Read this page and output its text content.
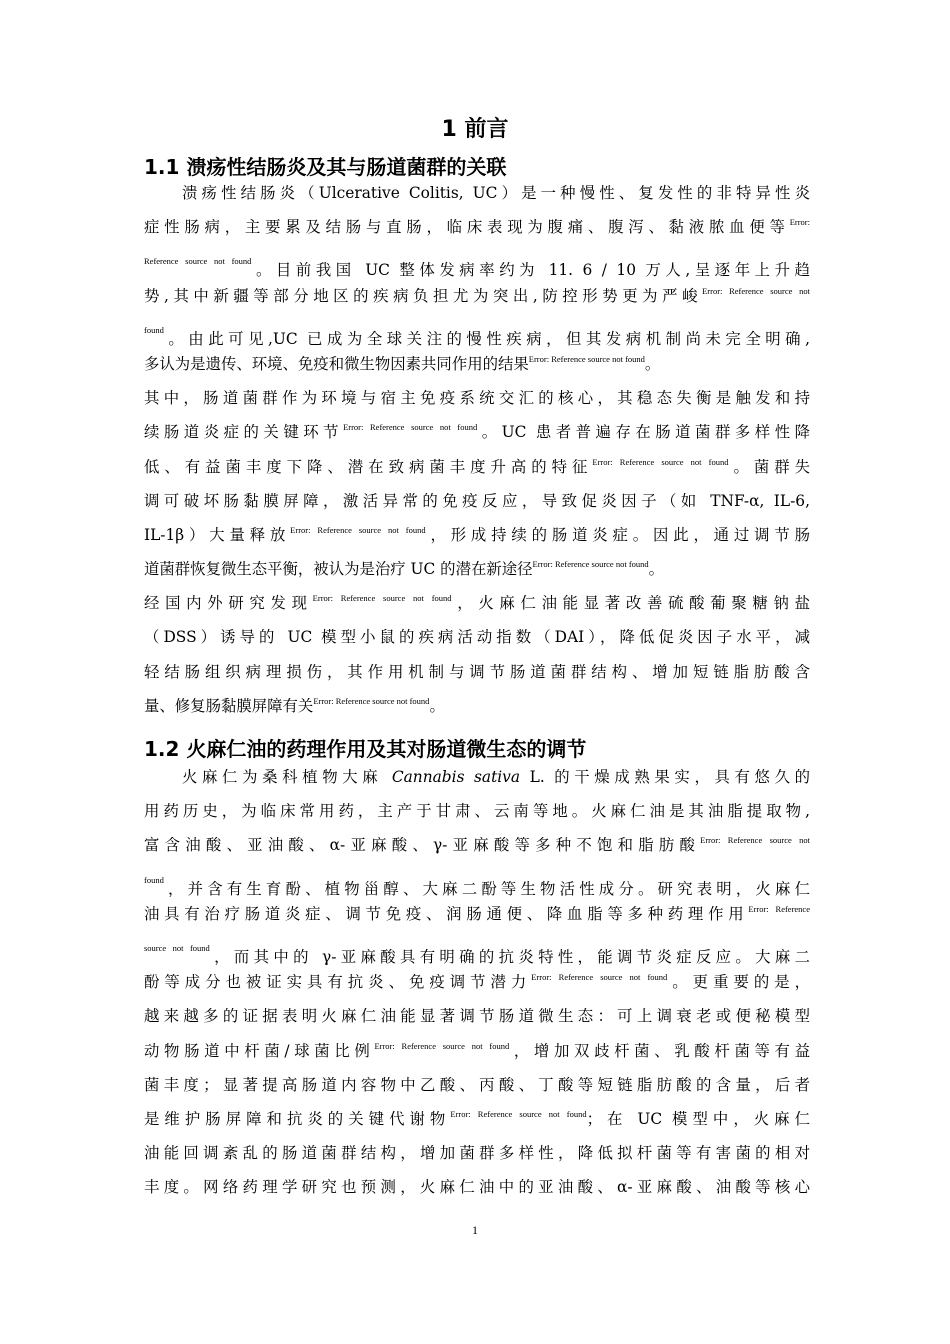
1 前言
1.1 溃疡性结肠炎及其与肠道菌群的关联
溃疡性结肠炎（Ulcerative Colitis, UC）是一种慢性、复发性的非特异性炎
症性肠病，主要累及结肠与直肠，临床表现为腹痛、腹泻、黏液脓血便等$^{Error:}$
$^{Reference source not found}$。目前我国 UC 整体发病率约为 11. 6 / 10 万人,呈逐年上升趋
势,其中新疆等部分地区的疾病负担尤为突出,防控形势更为严峻$^{Error: Reference source not}$
$^{found}$。由此可见,UC 已成为全球关注的慢性疾病，但其发病机制尚未完全明确,
多认为是遗传、环境、免疫和微生物因素共同作用的结果$^{Error: Reference source not found}$。
其中，肠道菌群作为环境与宿主免疫系统交汇的核心，其稳态失衡是触发和持
续肠道炎症的关键环节$^{Error: Reference source not found}$。UC 患者普遍存在肠道菌群多样性降
低、有益菌丰度下降、潜在致病菌丰度升高的特征$^{Error: Reference source not found}$。菌群失
调可破坏肠黏膜屏障，激活异常的免疫反应，导致促炎因子（如 TNF-α, IL-6,
IL-1β）大量释放$^{Error: Reference source not found}$，形成持续的肠道炎症。因此，通过调节肠
道菌群恢复微生态平衡，被认为是治疗 UC 的潜在新途径$^{Error: Reference source not found}$。
经国内外研究发现$^{Error: Reference source not found}$，火麻仁油能显著改善硫酸葡聚糖钠盐
（DSS）诱导的 UC 模型小鼠的疾病活动指数（DAI），降低促炎因子水平，减
轻结肠组织病理损伤，其作用机制与调节肠道菌群结构、增加短链脂肪酸含
量、修复肠黏膜屏障有关$^{Error: Reference source not found}$。
1.2 火麻仁油的药理作用及其对肠道微生态的调节
火麻仁为桑科植物大麻 Cannabis sativa L. 的干燥成熟果实，具有悠久的
用药历史，为临床常用药，主产于甘肃、云南等地。火麻仁油是其油脂提取物,
富含油酸、亚油酸、α-亚麻酸、γ-亚麻酸等多种不饱和脂肪酸$^{Error: Reference source not}$
$^{found}$，并含有生育酚、植物甾醇、大麻二酚等生物活性成分。研究表明，火麻仁
油具有治疗肠道炎症、调节免疫、润肠通便、降血脂等多种药理作用$^{Error: Reference}$
$^{source not found}$，而其中的 γ-亚麻酸具有明确的抗炎特性，能调节炎症反应。大麻二
酚等成分也被证实具有抗炎、免疫调节潜力$^{Error: Reference source not found}$。更重要的是，
越来越多的证据表明火麻仁油能显著调节肠道微生态：可上调衰老或便秘模型
动物肠道中杆菌/球菌比例$^{Error: Reference source not found}$，增加双歧杆菌、乳酸杆菌等有益
菌丰度；显著提高肠道内容物中乙酸、丙酸、丁酸等短链脂肪酸的含量，后者
是维护肠屏障和抗炎的关键代谢物$^{Error: Reference source not found}$；在 UC 模型中，火麻仁
油能回调紊乱的肠道菌群结构，增加菌群多样性，降低拟杆菌等有害菌的相对
丰度。网络药理学研究也预测，火麻仁油中的亚油酸、α-亚麻酸、油酸等核心
1
